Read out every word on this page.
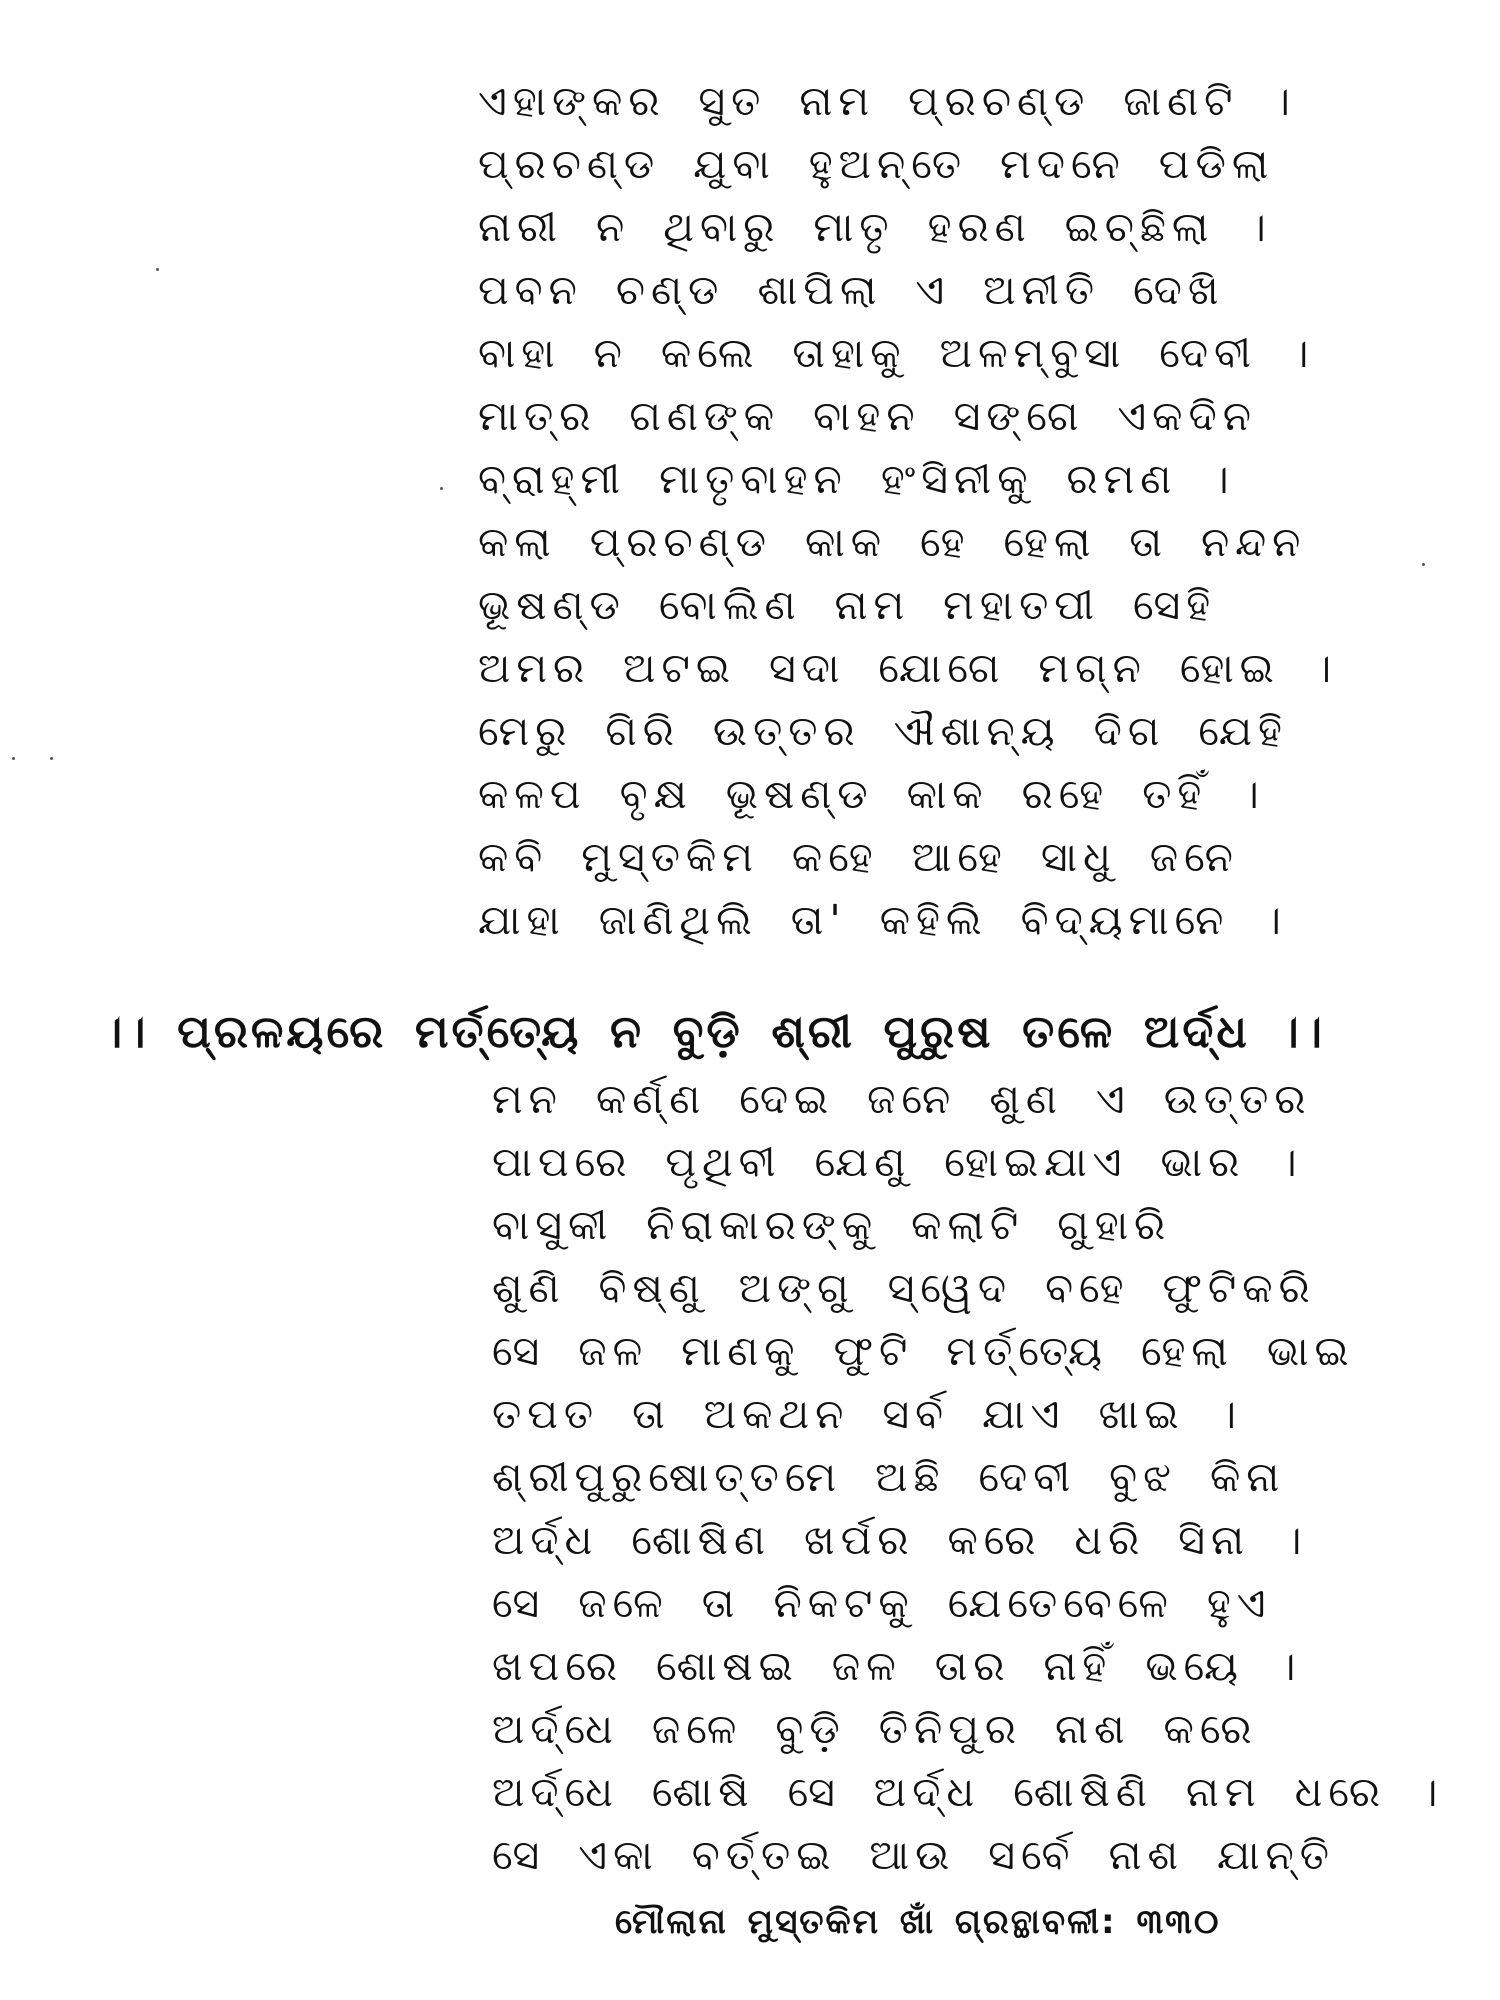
ଏହାଙ୍କର ସୁତ ନାମ ପ୍ରଚଣ୍ଡ ଜାଣଟି ।
ପ୍ରଚଣ୍ଡ ଯୁବା ହୁଅନ୍ତେ ମଦନେ ପଡିଲା
ନାରୀ ନ ଥିବାରୁ ମାତୃ ହରଣ ଇଚ୍ଛିଲା ।
ପବନ ଚଣ୍ଡ ଶାପିଲା ଏ ଅନୀତି ଦେଖି
ବାହା ନ କଲେ ତାହାକୁ ଅଳମ୍ବୁସା ଦେବୀ ।
ମାତ୍ର ଗଣଙ୍କ ବାହନ ସଙ୍ଗେ ଏକଦିନ
ବ୍ରାହ୍ମୀ ମାତୃବାହନ ହଂସିନୀକୁ ରମଣ ।
କଲା ପ୍ରଚଣ୍ଡ କାକ ହେ ହେଲା ତା ନନ୍ଦନ
ଭୂଷଣ୍ଡ ବୋଲିଣ ନାମ ମହାତପୀ ସେହି
ଅମର ଅଟଇ ସଦା ଯୋଗେ ମଗ୍ନ ହୋଇ ।
ମେରୁ ଗିରି ଉତ୍ତର ଐଶାନ୍ୟ ଦିଗ ଯେହି
କଳପ ବୃକ୍ଷ ଭୂଷଣ୍ଡ କାକ ରହେ ତହିଁ ।
କବି ମୁସ୍ତକିମ କହେ ଆହେ ସାଧୁ ଜନେ
ଯାହା ଜାଣିଥିଲି ତା' କହିଲି ବିଦ୍ୟମାନେ ।
।। ପ୍ରଳୟରେ ମର୍ତ୍ତ୍ୟେ ନ ବୁଡ଼ି ଶ୍ରୀ ପୁରୁଷ ତଳେ ଅର୍ଦ୍ଧ ।।
ମନ କର୍ଣ୍ଣ ଦେଇ ଜନେ ଶୁଣ ଏ ଉତ୍ତର
ପାପରେ ପୃଥିବୀ ଯେଣୁ ହୋଇଯାଏ ଭାର ।
ବାସୁକୀ ନିରାକାରଙ୍କୁ କଲାଟି ଗୁହାରି
ଶୁଣି ବିଷ୍ଣୁ ଅଙ୍ଗୁ ସ୍ୱେଦ ବହେ ଫୁଟିକରି
ସେ ଜଳ ମାଣକୁ ଫୁଟି ମର୍ତ୍ତ୍ୟେ ହେଲା ଭାଇ
ତପତ ତା ଅକଥନ ସର୍ବ ଯାଏ ଖାଇ ।
ଶ୍ରୀପୁରୁଷୋତ୍ତମେ ଅଛି ଦେବୀ ବୁଝ କିନା
ଅର୍ଦ୍ଧ ଶୋଷିଣ ଖର୍ପର କରେ ଧରି ସିନା ।
ସେ ଜଳେ ତା ନିକଟକୁ ଯେତେବେଳେ ହୁଏ
ଖପରେ ଶୋଷଇ ଜଳ ତାର ନାହିଁ ଭୟେ ।
ଅର୍ଦ୍ଧେ ଜଳେ ବୁଡ଼ି ତିନିପୁର ନାଶ କରେ
ଅର୍ଦ୍ଧେ ଶୋଷି ସେ ଅର୍ଦ୍ଧ ଶୋଷିଣି ନାମ ଧରେ ।
ସେ ଏକା ବର୍ତ୍ତଇ ଆଉ ସର୍ବେ ନାଶ ଯାନ୍ତି

ମୌଲାନା ମୁସ୍ତକିମ ଖାଁ ଗ୍ରନ୍ଥାବଳୀ: ୩୩୦
